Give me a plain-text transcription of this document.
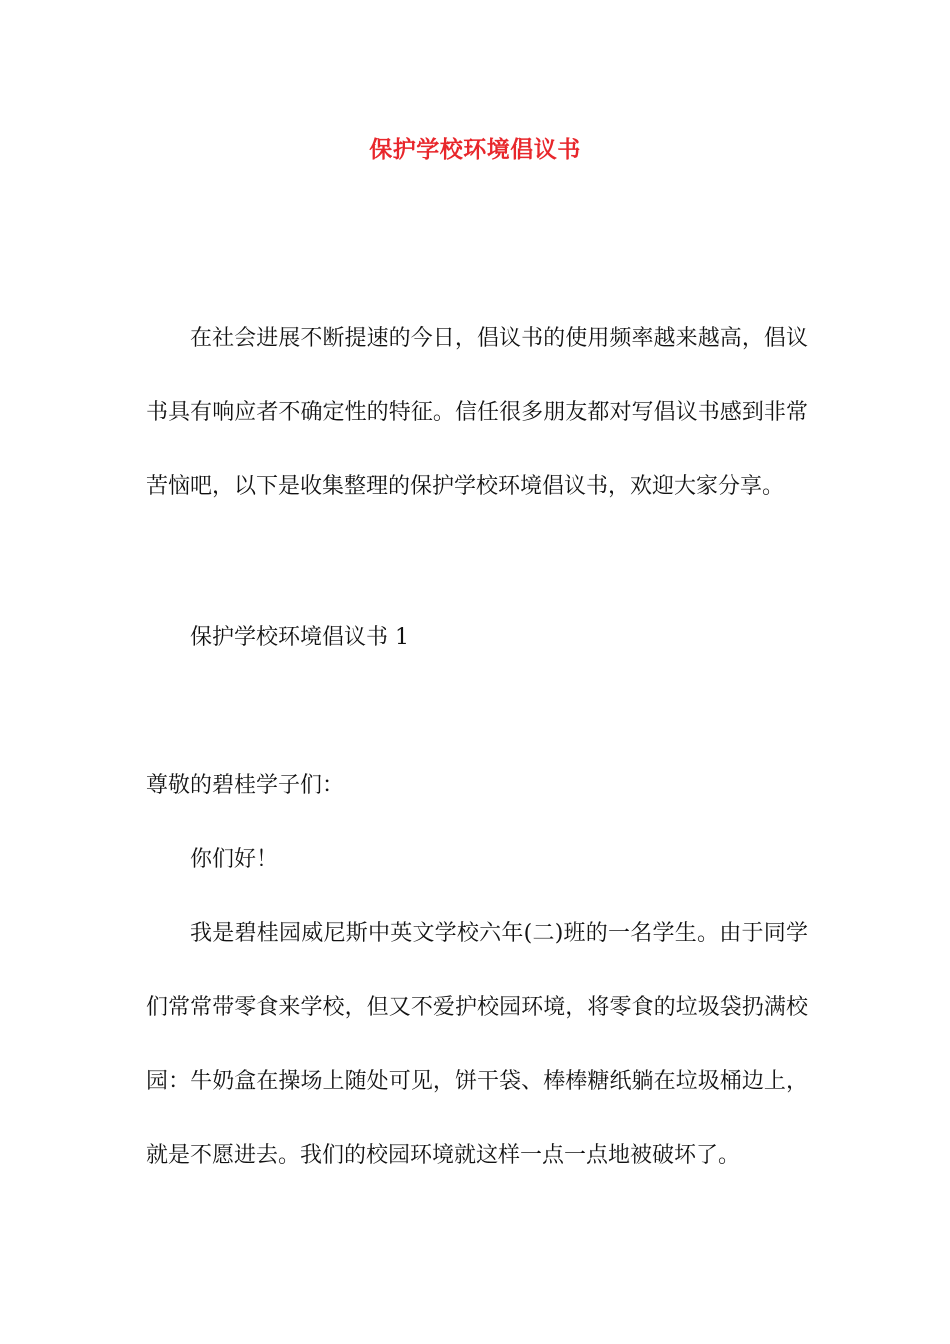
保护学校环境倡议书

在社会进展不断提速的今日，倡议书的使用频率越来越高，倡议书具有响应者不确定性的特征。信任很多朋友都对写倡议书感到非常苦恼吧，以下是收集整理的保护学校环境倡议书，欢迎大家分享。

保护学校环境倡议书 1

尊敬的碧桂学子们：

你们好！

我是碧桂园威尼斯中英文学校六年(二)班的一名学生。由于同学们常常带零食来学校，但又不爱护校园环境，将零食的垃圾袋扔满校园：牛奶盒在操场上随处可见，饼干袋、棒棒糖纸躺在垃圾桶边上，就是不愿进去。我们的校园环境就这样一点一点地被破坏了。
